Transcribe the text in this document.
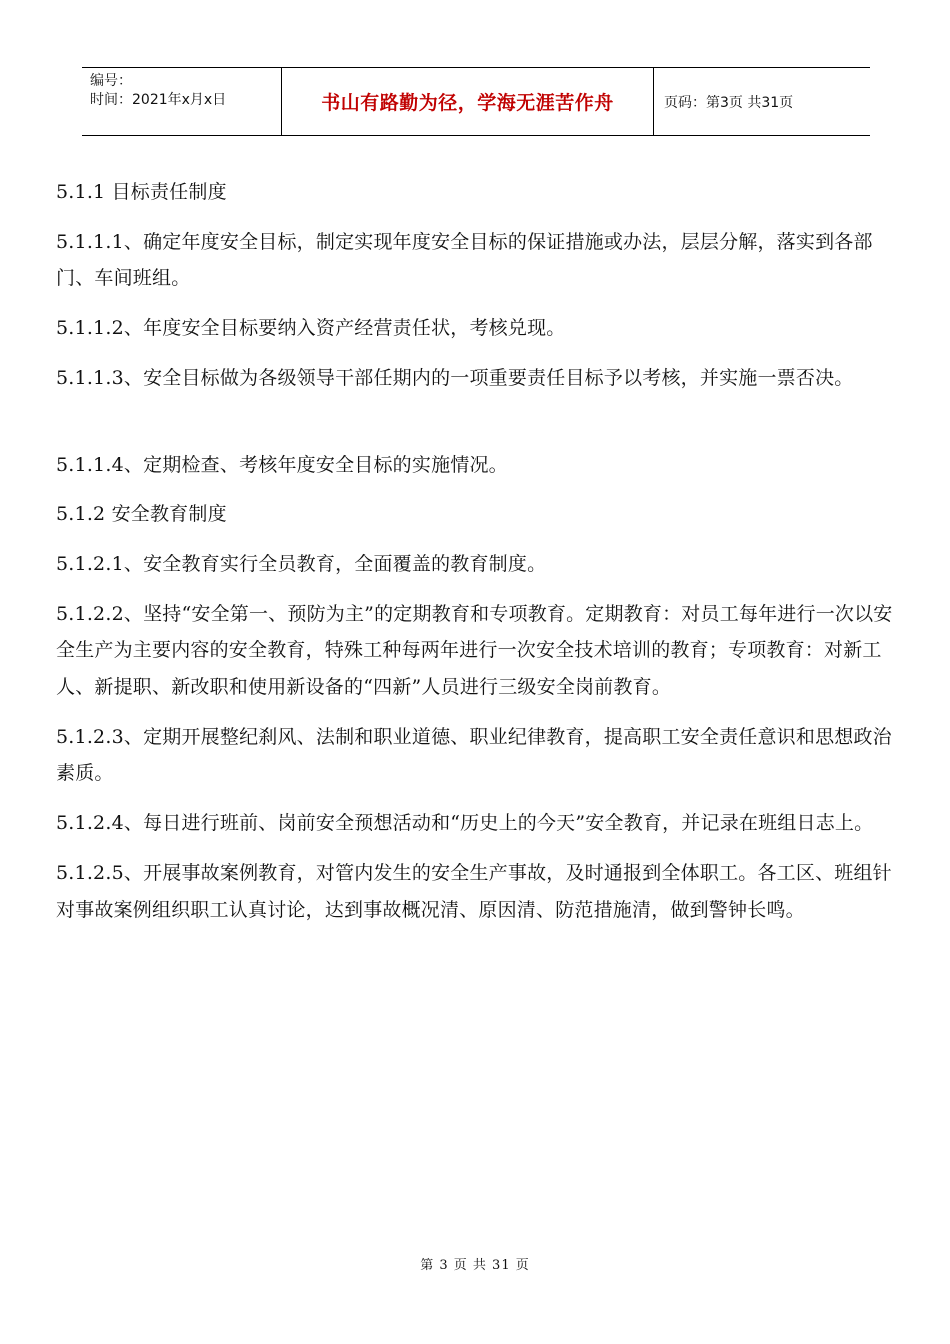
编号：
时间：2021年x月x日	书山有路勤为径，学海无涯苦作舟	页码：第3页 共31页

5.1.1 目标责任制度

5.1.1.1、确定年度安全目标，制定实现年度安全目标的保证措施或办法，层层分解，落实到各部门、车间班组。

5.1.1.2、年度安全目标要纳入资产经营责任状，考核兑现。

5.1.1.3、安全目标做为各级领导干部任期内的一项重要责任目标予以考核，并实施一票否决。

5.1.1.4、定期检查、考核年度安全目标的实施情况。

5.1.2 安全教育制度

5.1.2.1、安全教育实行全员教育，全面覆盖的教育制度。

5.1.2.2、坚持“安全第一、预防为主”的定期教育和专项教育。定期教育：对员工每年进行一次以安全生产为主要内容的安全教育，特殊工种每两年进行一次安全技术培训的教育；专项教育：对新工人、新提职、新改职和使用新设备的“四新”人员进行三级安全岗前教育。

5.1.2.3、定期开展整纪刹风、法制和职业道德、职业纪律教育，提高职工安全责任意识和思想政治素质。

5.1.2.4、每日进行班前、岗前安全预想活动和“历史上的今天”安全教育，并记录在班组日志上。

5.1.2.5、开展事故案例教育，对管内发生的安全生产事故，及时通报到全体职工。各工区、班组针对事故案例组织职工认真讨论，达到事故概况清、原因清、防范措施清，做到警钟长鸣。

第 3 页 共 31 页
